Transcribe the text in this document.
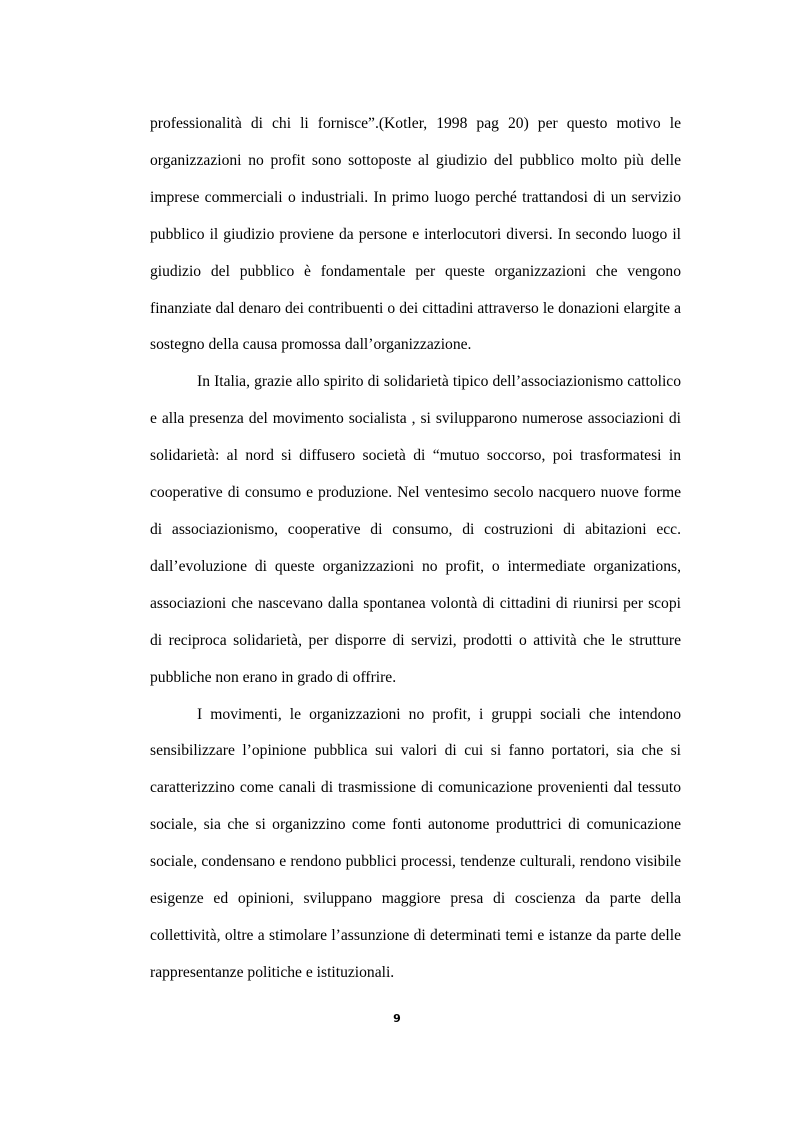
professionalità di chi li fornisce”.(Kotler, 1998 pag 20) per questo motivo le organizzazioni no profit sono sottoposte al giudizio del pubblico molto più delle imprese commerciali o industriali. In primo luogo perché trattandosi di un servizio pubblico il giudizio proviene da persone e interlocutori diversi. In secondo luogo il giudizio del pubblico è fondamentale per queste organizzazioni che vengono finanziate dal denaro dei contribuenti o dei cittadini attraverso le donazioni elargite a sostegno della causa promossa dall’organizzazione.

In Italia, grazie allo spirito di solidarietà tipico dell’associazionismo cattolico e alla presenza del movimento socialista , si svilupparono numerose associazioni di solidarietà: al nord si diffusero società di “mutuo soccorso, poi trasformatesi in cooperative di consumo e produzione. Nel ventesimo secolo nacquero nuove forme di associazionismo, cooperative di consumo, di costruzioni di abitazioni ecc. dall’evoluzione di queste organizzazioni no profit, o intermediate organizations, associazioni che nascevano dalla spontanea volontà di cittadini di riunirsi per scopi di reciproca solidarietà, per disporre di servizi, prodotti o attività che le strutture pubbliche non erano in grado di offrire.

I movimenti, le organizzazioni no profit, i gruppi sociali che intendono sensibilizzare l’opinione pubblica sui valori di cui si fanno portatori, sia che si caratterizzino come canali di trasmissione di comunicazione provenienti dal tessuto sociale, sia che si organizzino come fonti autonome produttrici di comunicazione sociale, condensano e rendono pubblici processi, tendenze culturali, rendono visibile esigenze ed opinioni, sviluppano maggiore presa di coscienza da parte della collettività, oltre a stimolare l’assunzione di determinati temi e istanze da parte delle rappresentanze politiche e istituzionali.

9
